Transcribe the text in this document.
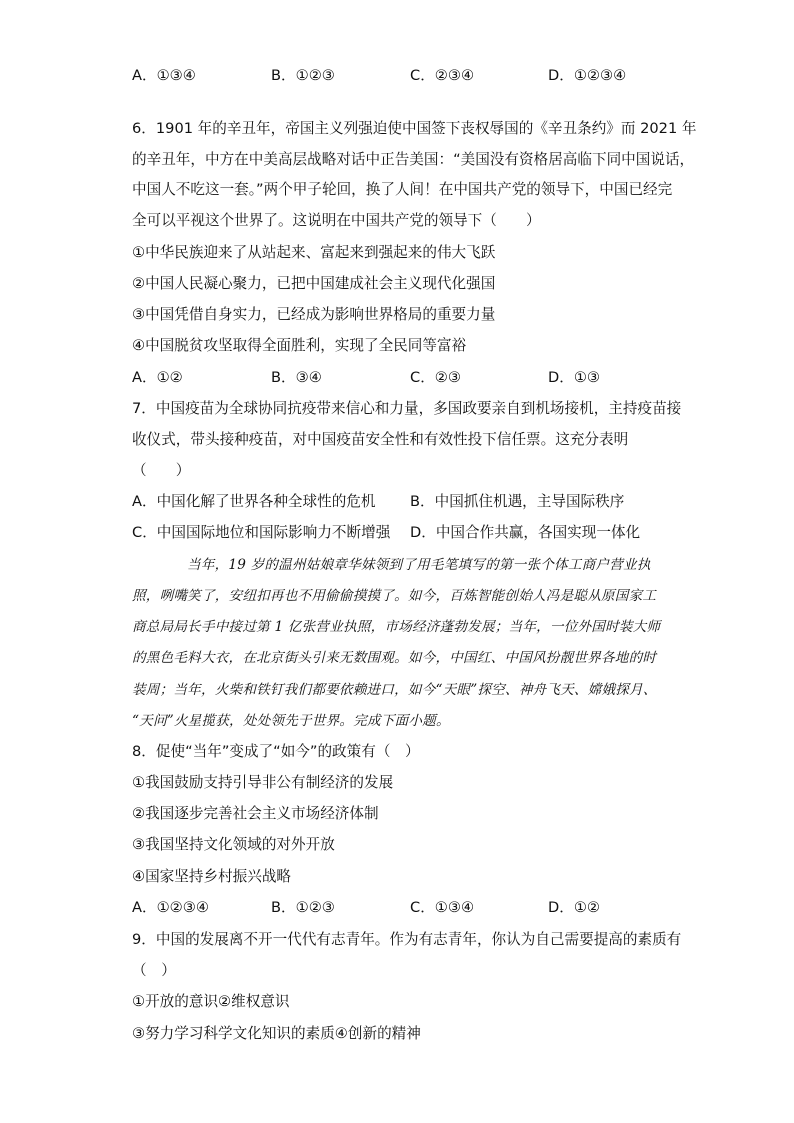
A．①③④	B．①②③	C．②③④	D．①②③④
6．1901 年的辛丑年，帝国主义列强迫使中国签下丧权辱国的《辛丑条约》而 2021 年
的辛丑年，中方在中美高层战略对话中正告美国：“美国没有资格居高临下同中国说话，
中国人不吃这一套。”两个甲子轮回，换了人间！在中国共产党的领导下，中国已经完
全可以平视这个世界了。这说明在中国共产党的领导下（　　）
①中华民族迎来了从站起来、富起来到强起来的伟大飞跃
②中国人民凝心聚力，已把中国建成社会主义现代化强国
③中国凭借自身实力，已经成为影响世界格局的重要力量
④中国脱贫攻坚取得全面胜利，实现了全民同等富裕
A．①②	B．③④	C．②③	D．①③
7．中国疫苗为全球协同抗疫带来信心和力量，多国政要亲自到机场接机，主持疫苗接
收仪式，带头接种疫苗，对中国疫苗安全性和有效性投下信任票。这充分表明
（　　）
A．中国化解了世界各种全球性的危机 B．中国抓住机遇，主导国际秩序
C．中国国际地位和国际影响力不断增强 D．中国合作共赢，各国实现一体化
当年，19 岁的温州姑娘章华妹领到了用毛笔填写的第一张个体工商户营业执
照，咧嘴笑了，安纽扣再也不用偷偷摸摸了。如今，百炼智能创始人冯是聪从原国家工
商总局局长手中接过第 1 亿张营业执照，市场经济蓬勃发展；当年，一位外国时装大师
的黑色毛料大衣，在北京街头引来无数围观。如今，中国红、中国风扮靓世界各地的时
装周；当年，火柴和铁钉我们都要依赖进口，如今“天眼”探空、神舟飞天、嫦娥探月、
“天问”火星揽获，处处领先于世界。完成下面小题。
8．促使“当年”变成了“如今”的政策有（　）
①我国鼓励支持引导非公有制经济的发展
②我国逐步完善社会主义市场经济体制
③我国坚持文化领域的对外开放
④国家坚持乡村振兴战略
A．①②③④	B．①②③	C．①③④	D．①②
9．中国的发展离不开一代代有志青年。作为有志青年，你认为自己需要提高的素质有
（　）
①开放的意识②维权意识
③努力学习科学文化知识的素质④创新的精神
